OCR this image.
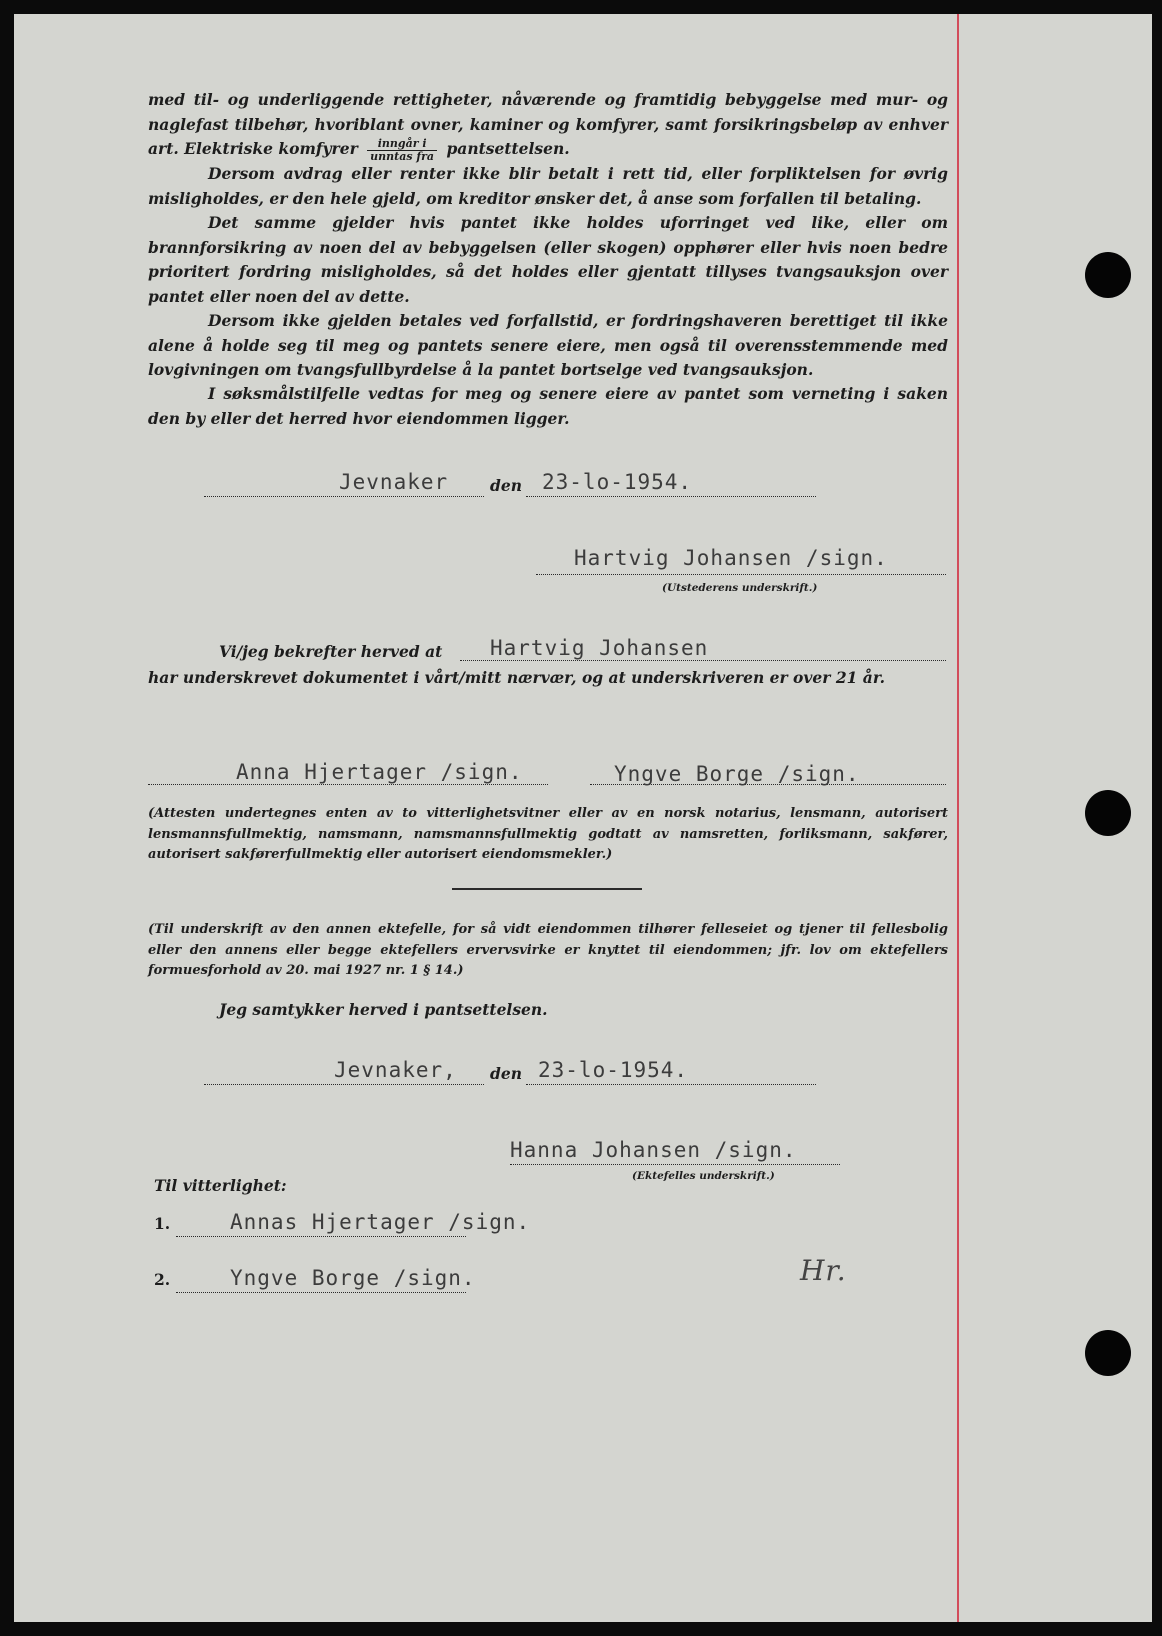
med til- og underliggende rettigheter, nåværende og framtidig bebyggelse med mur- og naglefast tilbehør, hvoriblant ovner, kaminer og komfyrer, samt forsikringsbeløp av enhver art. Elektriske komfyrer $\frac{\text{inngår i}}{\text{unntas fra}}$ pantsettelsen.

Dersom avdrag eller renter ikke blir betalt i rett tid, eller forpliktelsen for øvrig misligholdes, er den hele gjeld, om kreditor ønsker det, å anse som forfallen til betaling.

Det samme gjelder hvis pantet ikke holdes uforringet ved like, eller om brannforsikring av noen del av bebyggelsen (eller skogen) opphører eller hvis noen bedre prioritert fordring misligholdes, så det holdes eller gjentatt tillyses tvangsauksjon over pantet eller noen del av dette.

Dersom ikke gjelden betales ved forfallstid, er fordringshaveren berettiget til ikke alene å holde seg til meg og pantets senere eiere, men også til overensstemmende med lovgivningen om tvangsfullbyrdelse å la pantet bortselge ved tvangsauksjon.

I søksmålstilfelle vedtas for meg og senere eiere av pantet som verneting i saken den by eller det herred hvor eiendommen ligger.

Jevnaker	den 23-lo-1954.
Hartvig Johansen /sign.
(Utstederens underskrift.)
Vi/jeg bekrefter herved at Hartvig Johansen
har underskrevet dokumentet i vårt/mitt nærvær, og at underskriveren er over 21 år.
Anna Hjertager /sign.	Yngve Borge /sign.

(Attesten undertegnes enten av to vitterlighetsvitner eller av en norsk notarius, lensmann, autorisert lensmannsfullmektig, namsmann, namsmannsfullmektig godtatt av namsretten, forliksmann, sakfører, autorisert sakførerfullmektig eller autorisert eiendomsmekler.)

(Til underskrift av den annen ektefelle, for så vidt eiendommen tilhører felleseiet og tjener til fellesbolig eller den annens eller begge ektefellers ervervsvirke er knyttet til eiendommen; jfr. lov om ektefellers formuesforhold av 20. mai 1927 nr. 1 § 14.)

Jeg samtykker herved i pantsettelsen.
Jevnaker, den 23-lo-1954.
Hanna Johansen /sign.
(Ektefelles underskrift.)
Til vitterlighet:
1.	Annas Hjertager /sign.
2.	Yngve Borge /sign.	Hr.
